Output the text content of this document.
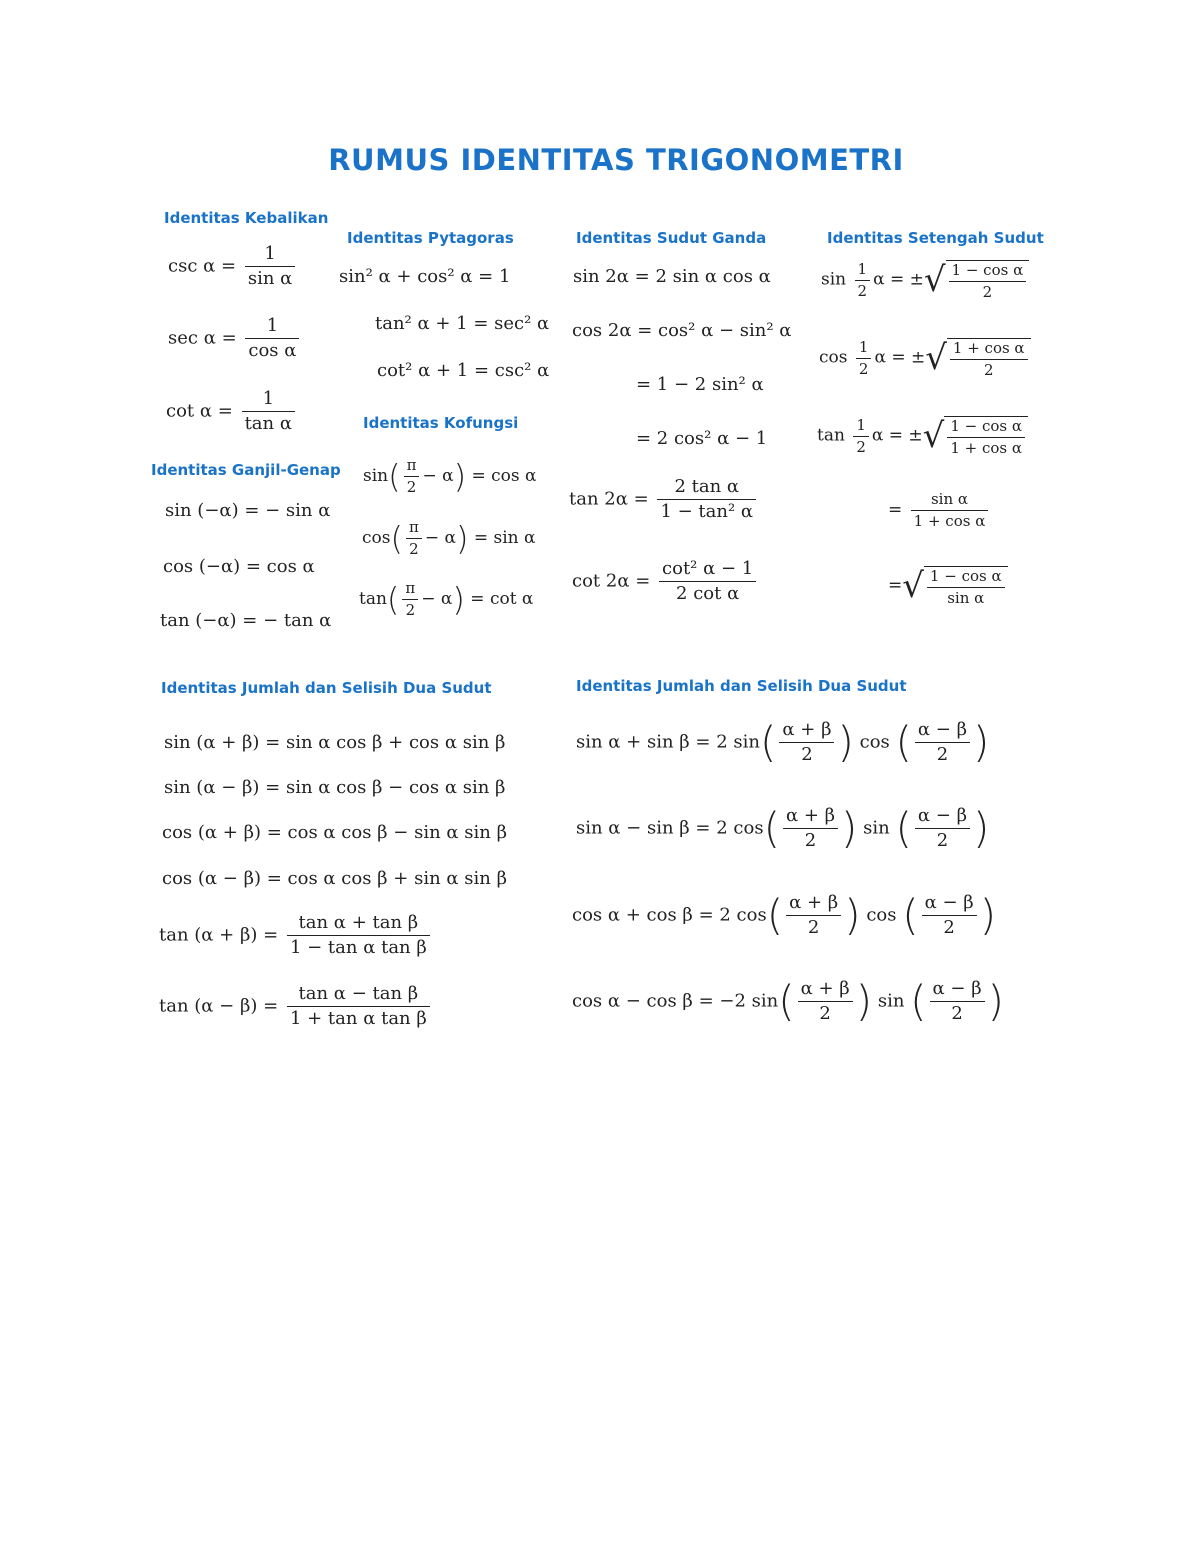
RUMUS IDENTITAS TRIGONOMETRI
Identitas Kebalikan
Identitas Pytagoras	Identitas Sudut Ganda	Identitas Setengah Sudut
Identitas Kofungsi
Identitas Ganjil-Genap
Identitas Jumlah dan Selisih Dua Sudut	Identitas Jumlah dan Selisih Dua Sudut
$\csc \alpha = \frac{1}{\text{sin α}}$
$\sec \alpha = \frac{1}{\text{cos α}}$
$\cot \alpha = \frac{1}{\text{tan α}}$
sin² α + cos² α = 1
tan² α + 1 = sec² α
cot² α + 1 = csc² α
$\sin( \frac{\pi}{2} - \alpha) = \cos \alpha$
$\cos( \frac{\pi}{2} - \alpha) = \sin \alpha$
$\tan( \frac{\pi}{2} - \alpha) = \cot \alpha$
sin (−α) = − sin α
cos (−α) = cos α
tan (−α) = − tan α
sin 2α = 2 sin α cos α
cos 2α = cos² α − sin² α
= 1 − 2 sin² α
= 2 cos² α − 1
$\tan 2\alpha = \frac{\text{2 tan α}}{\text{1 − tan² α}}$
$\cot 2\alpha = \frac{\text{cot² α − 1}}{\text{2 cot α}}$
$\sin \frac{1}{2}$ α = ±√ $\frac{\text{1 − cos α}}{2}$
$\cos \frac{1}{2}$ α = ±√ $\frac{\text{1 + cos α}}{2}$
$\tan \frac{1}{2}$ α = ±√ $\frac{\text{1 − cos α}}{\text{1 + cos α}}$
= $\frac{\text{sin α}}{\text{1 + cos α}}$
=√ $\frac{\text{1 − cos α}}{\text{sin α}}$
sin (α + β) = sin α cos β + cos α sin β
sin (α − β) = sin α cos β − cos α sin β
cos (α + β) = cos α cos β − sin α sin β
cos (α − β) = cos α cos β + sin α sin β
$\tan (\alpha + \beta) = \frac{\text{tan α + tan β}}{\text{1 − tan α tan β}}$
$\tan (\alpha - \beta) = \frac{\text{tan α − tan β}}{\text{1 + tan α tan β}}$
sin α + sin β = 2 $\sin( \frac{\alpha + \beta}{2}$ ) cos ( $\frac{\alpha - \beta}{2}$ )
sin α − sin β = 2 $\cos( \frac{\alpha + \beta}{2}$ ) sin ( $\frac{\alpha - \beta}{2}$ )
cos α + cos β = 2 $\cos( \frac{\alpha + \beta}{2}$ ) cos ( $\frac{\alpha - \beta}{2}$ )
cos α − cos β = −2 $\sin( \frac{\alpha + \beta}{2}$ ) sin ( $\frac{\alpha - \beta}{2}$ )
